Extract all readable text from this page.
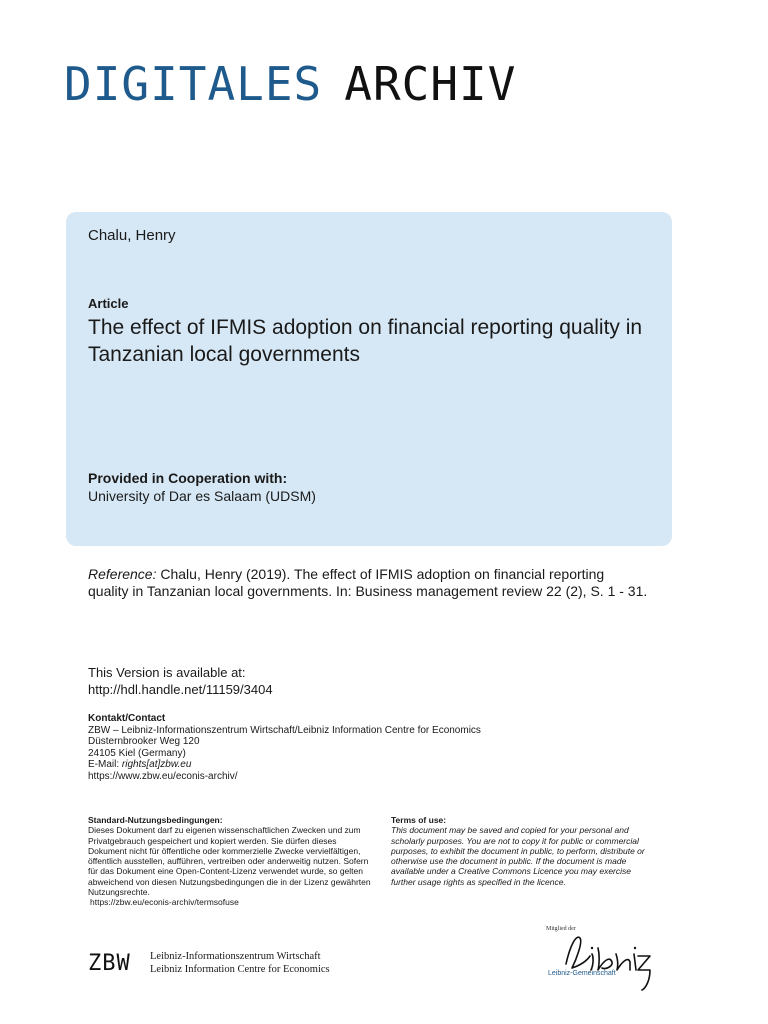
DIGITALES ARCHIV
Chalu, Henry
Article
The effect of IFMIS adoption on financial reporting quality in Tanzanian local governments
Provided in Cooperation with:
University of Dar es Salaam (UDSM)
Reference: Chalu, Henry (2019). The effect of IFMIS adoption on financial reporting quality in Tanzanian local governments. In: Business management review 22 (2), S. 1 - 31.
This Version is available at:
http://hdl.handle.net/11159/3404
Kontakt/Contact
ZBW – Leibniz-Informationszentrum Wirtschaft/Leibniz Information Centre for Economics
Düsternbrooker Weg 120
24105 Kiel (Germany)
E-Mail: rights[at]zbw.eu
https://www.zbw.eu/econis-archiv/
Standard-Nutzungsbedingungen:
Dieses Dokument darf zu eigenen wissenschaftlichen Zwecken und zum Privatgebrauch gespeichert und kopiert werden. Sie dürfen dieses Dokument nicht für öffentliche oder kommerzielle Zwecke vervielfältigen, öffentlich ausstellen, aufführen, vertreiben oder anderweitig nutzen. Sofern für das Dokument eine Open-Content-Lizenz verwendet wurde, so gelten abweichend von diesen Nutzungsbedingungen die in der Lizenz gewährten Nutzungsrechte.
https://zbw.eu/econis-archiv/termsofuse
Terms of use:
This document may be saved and copied for your personal and scholarly purposes. You are not to copy it for public or commercial purposes, to exhibit the document in public, to perform, distribute or otherwise use the document in public. If the document is made available under a Creative Commons Licence you may exercise further usage rights as specified in the licence.
ZBW Leibniz-Informationszentrum Wirtschaft
Leibniz Information Centre for Economics
Mitglied der
Leibniz-Gemeinschaft
